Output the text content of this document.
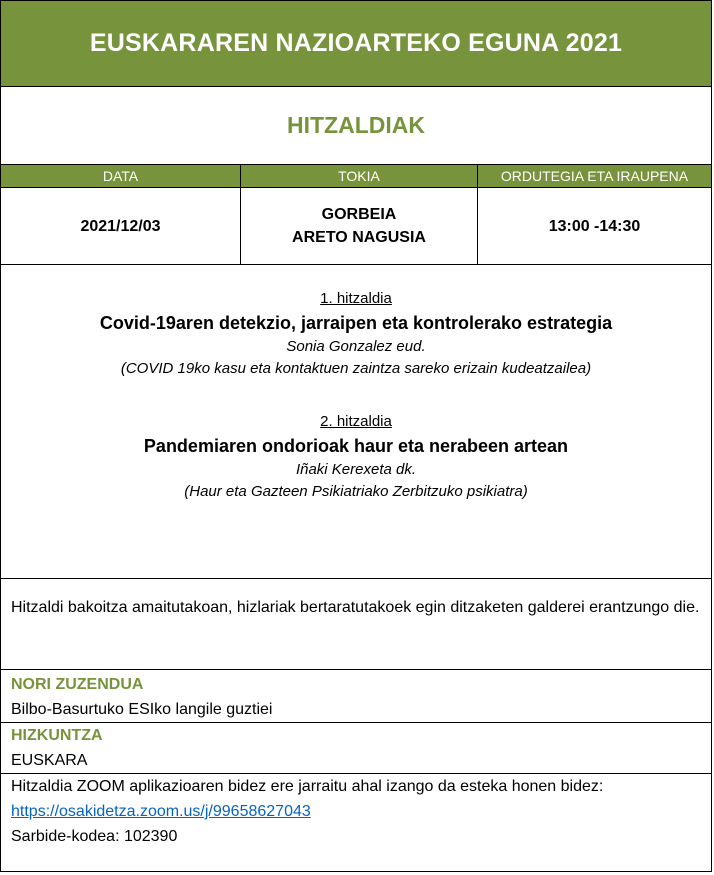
EUSKARAREN NAZIOARTEKO EGUNA 2021
HITZALDIAK
DATA	TOKIA	ORDUTEGIA ETA IRAUPENA
2021/12/03
GORBEIA
ARETO NAGUSIA
13:00 -14:30
1. hitzaldia
Covid-19aren detekzio, jarraipen eta kontrolerako estrategia
Sonia Gonzalez eud.
(COVID 19ko kasu eta kontaktuen zaintza sareko erizain kudeatzailea)
2. hitzaldia
Pandemiaren ondorioak haur eta nerabeen artean
Iñaki Kerexeta dk.
(Haur eta Gazteen Psikiatriako Zerbitzuko psikiatra)
Hitzaldi bakoitza amaitutakoan, hizlariak bertaratutakoek egin ditzaketen galderei erantzungo die.
NORI ZUZENDUA
Bilbo-Basurtuko ESIko langile guztiei
HIZKUNTZA
EUSKARA
Hitzaldia ZOOM aplikazioaren bidez ere jarraitu ahal izango da esteka honen bidez:
https://osakidetza.zoom.us/j/99658627043
Sarbide-kodea: 102390
